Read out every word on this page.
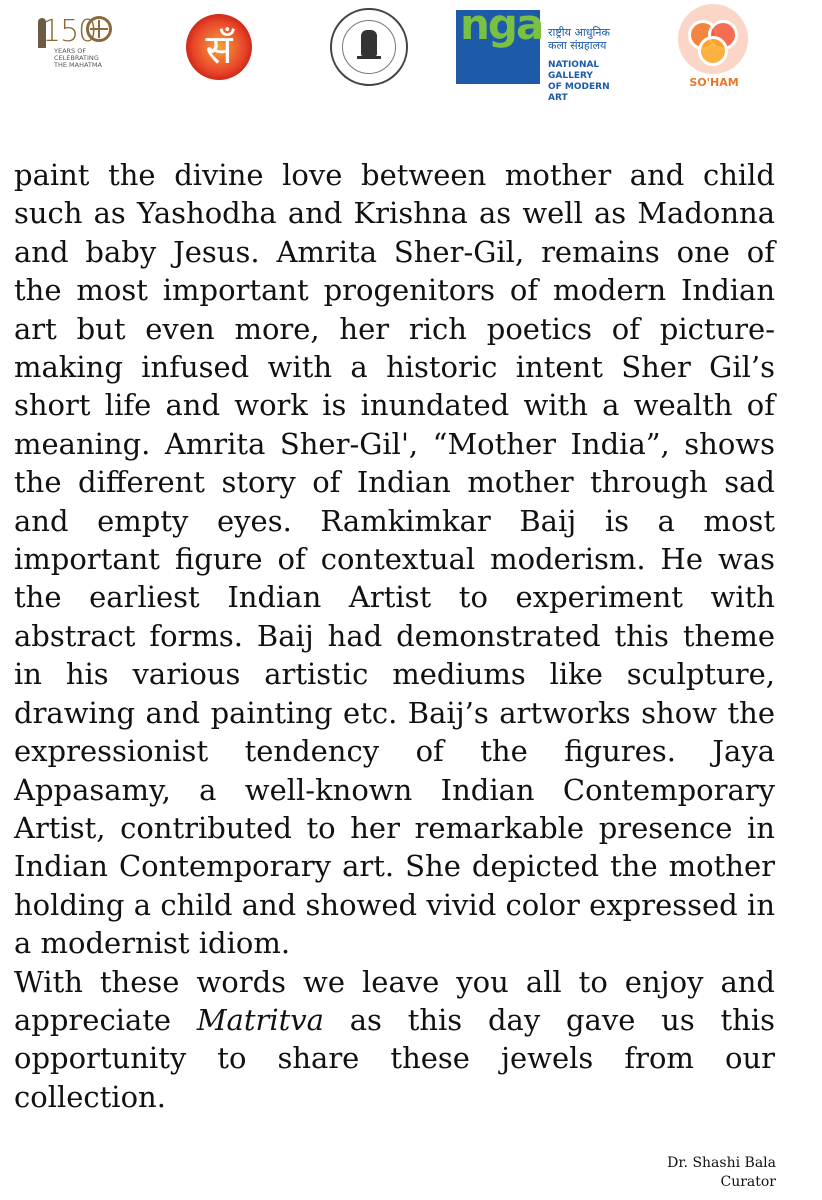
150
YEARS OF
CELEBRATING
THE MAHATMA	सँ
nga राष्ट्रीय आधुनिक
कला संग्रहालय
NATIONAL GALLERY
OF MODERN ART
SO'HAM

paint the divine love between mother and child such as Yashodha and Krishna as well as Madonna and baby Jesus. Amrita Sher-Gil, remains one of the most important progenitors of modern Indian art but even more, her rich poetics of picture-making infused with a historic intent Sher Gil’s short life and work is inundated with a wealth of meaning. Amrita Sher-Gil', “Mother India”, shows the different story of Indian mother through sad and empty eyes. Ramkimkar Baij is a most important figure of contextual moderism. He was the earliest Indian Artist to experiment with abstract forms. Baij had demonstrated this theme in his various artistic mediums like sculpture, drawing and painting etc. Baij’s artworks show the expressionist tendency of the figures. Jaya Appasamy, a well-known Indian Contemporary Artist, contributed to her remarkable presence in Indian Contemporary art. She depicted the mother holding a child and showed vivid color expressed in a modernist idiom.

With these words we leave you all to enjoy and appreciate Matritva as this day gave us this opportunity to share these jewels from our collection.

Dr. Shashi Bala
Curator
